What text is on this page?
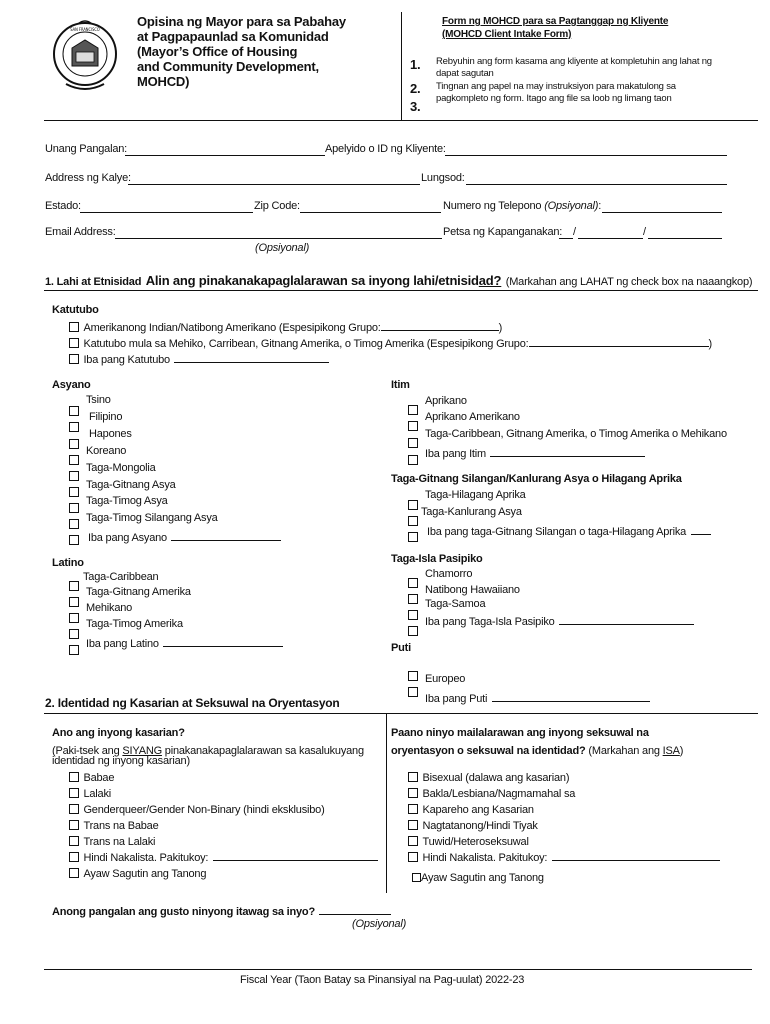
SAN FRANCISCO
Opisina ng Mayor para sa Pabahay
at Pagpapaunlad sa Komunidad
(Mayor’s Office of Housing
and Community Development,
MOHCD)
Form ng MOHCD para sa Pagtanggap ng Kliyente
(MOHCD Client Intake Form)
1. Rebyuhin ang form kasama ang kliyente at kompletuhin ang lahat ng
dapat sagutan
2. Tingnan ang papel na may instruksiyon para makatulong sa
pagkompleto ng form. Itago ang file sa loob ng limang taon
3.
Unang Pangalan:	Apelyido o ID ng Kliyente:
Address ng Kalye:	Lungsod:
Estado:	Zip Code:	Numero ng Telepono (Opsiyonal):
Email Address:	Petsa ng Kapanganakan: /	/
(Opsiyonal)
1. Lahi at Etnisidad Alin ang pinakanakapaglalarawan sa inyong lahi/etnisidad? (Markahan ang LAHAT ng check box na naaangkop)
Katutubo
Amerikanong Indian/Natibong Amerikano (Espesipikong Grupo:	)
Katutubo mula sa Mehiko, Carribean, Gitnang Amerika, o Timog Amerika (Espesipikong Grupo:	)
Iba pang Katutubo
Asyano
Tsino
Filipino
Hapones
Koreano
Taga-Mongolia
Taga-Gitnang Asya
Taga-Timog Asya
Taga-Timog Silangang Asya
Iba pang Asyano
Latino
Taga-Caribbean
Taga-Gitnang Amerika
Mehikano
Taga-Timog Amerika
Iba pang Latino
Itim
Aprikano
Aprikano Amerikano
Taga-Caribbean, Gitnang Amerika, o Timog Amerika o Mehikano
Iba pang Itim
Taga-Gitnang Silangan/Kanlurang Asya o Hilagang Aprika
Taga-Hilagang Aprika
Taga-Kanlurang Asya
Iba pang taga-Gitnang Silangan o taga-Hilagang Aprika
Taga-Isla Pasipiko
Chamorro
Natibong Hawaiiano
Taga-Samoa
Iba pang Taga-Isla Pasipiko
Puti
Europeo
Iba pang Puti
2. Identidad ng Kasarian at Seksuwal na Oryentasyon
Ano ang inyong kasarian?
(Paki-tsek ang SIYANG pinakanakapaglalarawan sa kasalukuyang
identidad ng inyong kasarian)
Babae
Lalaki
Genderqueer/Gender Non-Binary (hindi eksklusibo)
Trans na Babae
Trans na Lalaki
Hindi Nakalista. Pakitukoy:
Ayaw Sagutin ang Tanong
Paano ninyo mailalarawan ang inyong seksuwal na
oryentasyon o seksuwal na identidad? (Markahan ang ISA)
Bisexual (dalawa ang kasarian)
Bakla/Lesbiana/Nagmamahal sa
Kapareho ang Kasarian
Nagtatanong/Hindi Tiyak
Tuwid/Heteroseksuwal
Hindi Nakalista. Pakitukoy:
Ayaw Sagutin ang Tanong
Anong pangalan ang gusto ninyong itawag sa inyo?
(Opsiyonal)
Fiscal Year (Taon Batay sa Pinansiyal na Pag-uulat) 2022-23
